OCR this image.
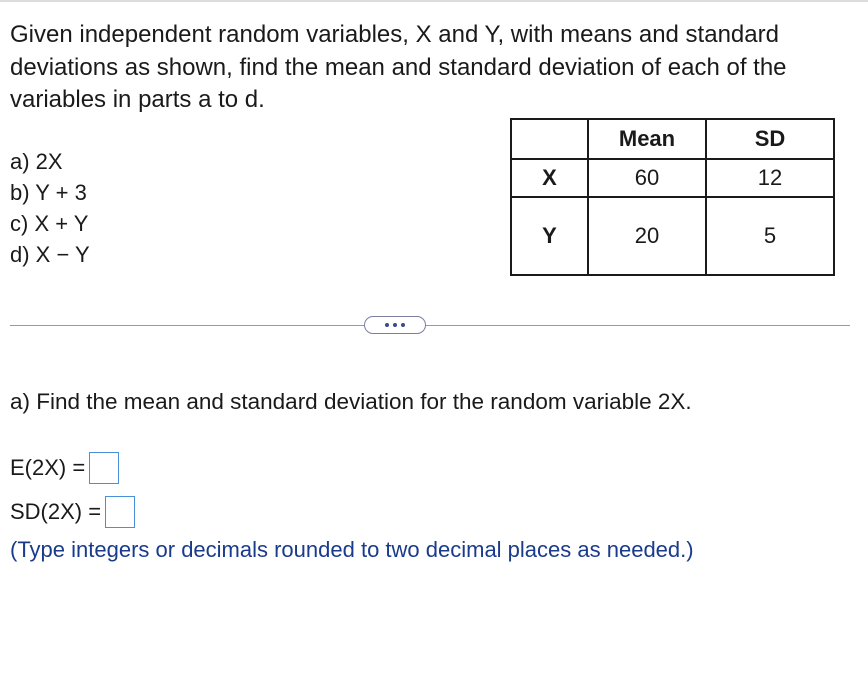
Given independent random variables, X and Y, with means and standard deviations as shown, find the mean and standard deviation of each of the variables in parts a to d.

a) 2X
b) Y + 3
c) X + Y
d) X − Y
	Mean	SD
X	60	12
Y	20	5
a) Find the mean and standard deviation for the random variable 2X.
E(2X) =
SD(2X) =
(Type integers or decimals rounded to two decimal places as needed.)
